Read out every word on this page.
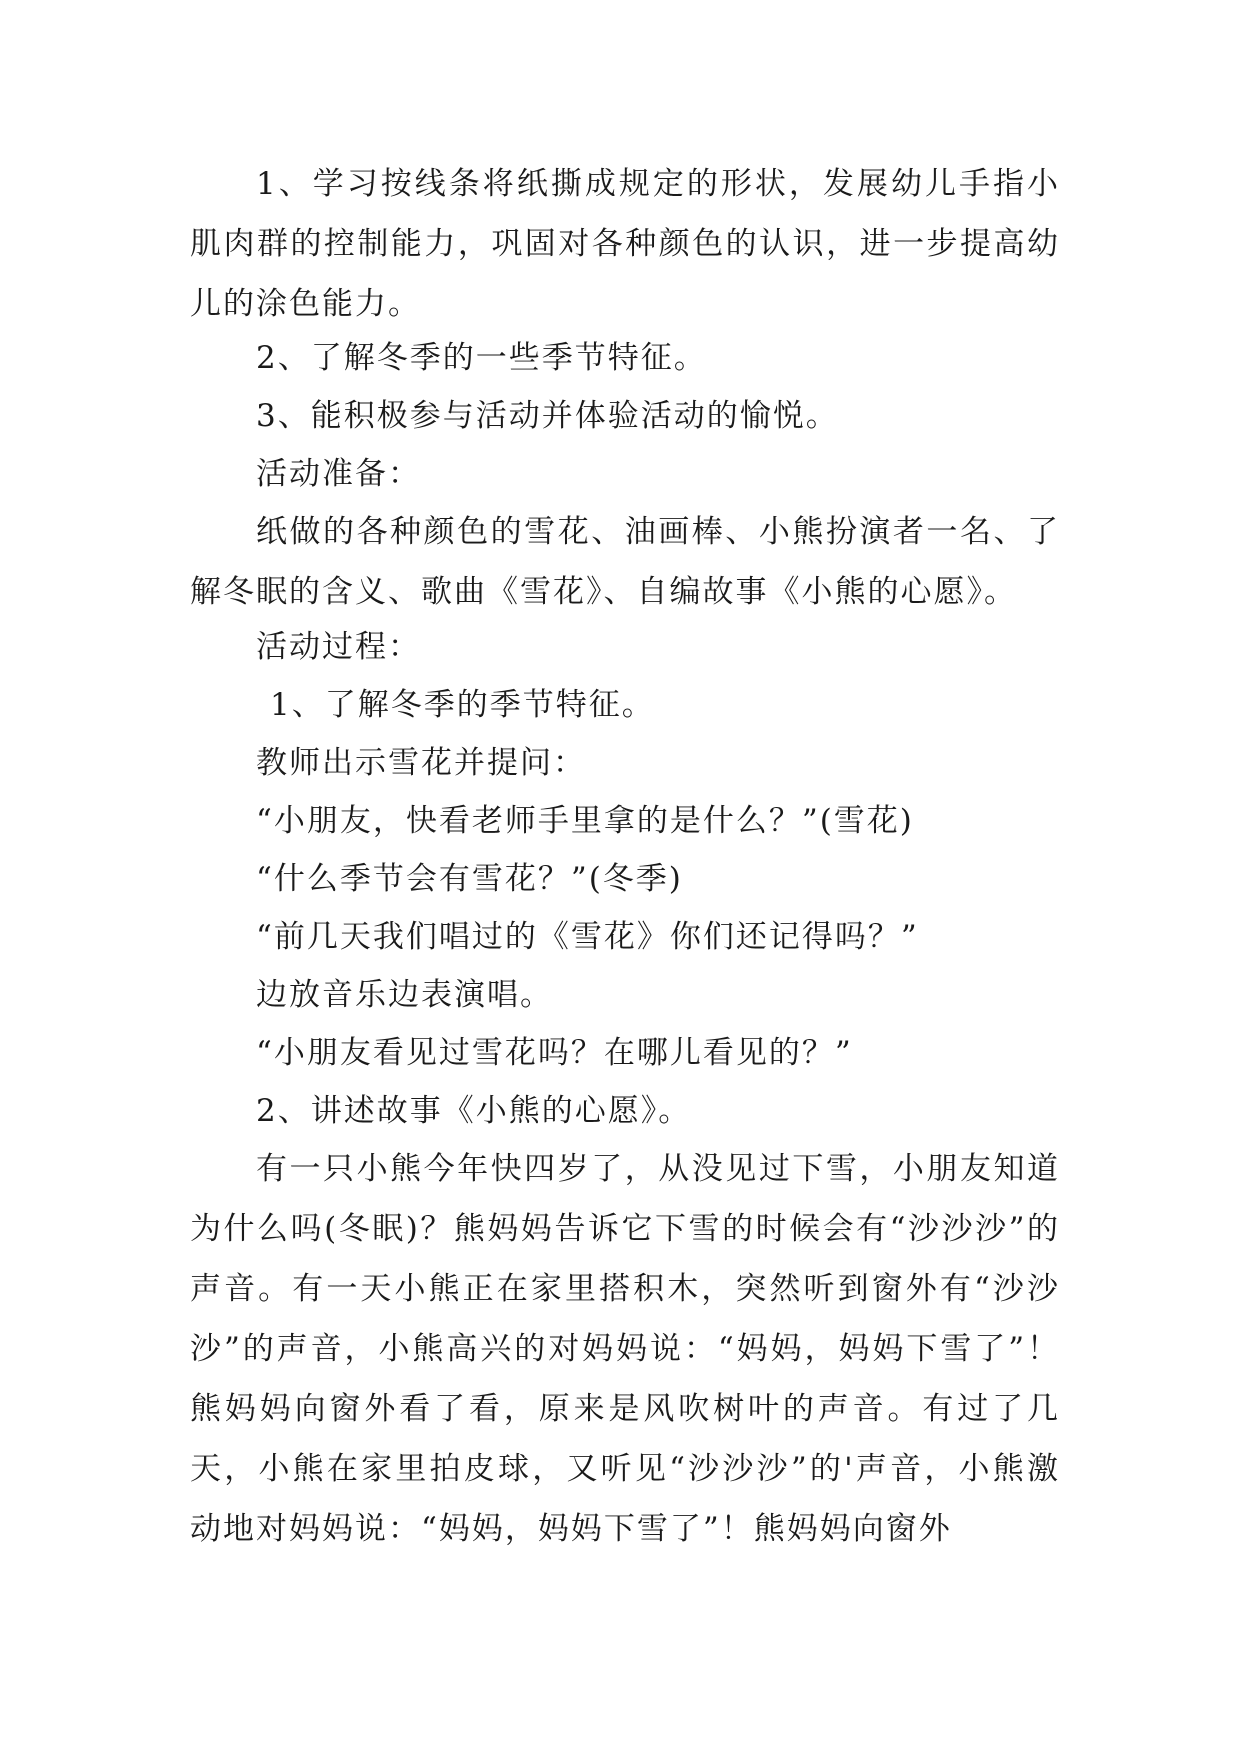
1、学习按线条将纸撕成规定的形状，发展幼儿手指小肌肉群的控制能力，巩固对各种颜色的认识，进一步提高幼儿的涂色能力。

2、了解冬季的一些季节特征。

3、能积极参与活动并体验活动的愉悦。

活动准备：

纸做的各种颜色的雪花、油画棒、小熊扮演者一名、了解冬眠的含义、歌曲《雪花》、自编故事《小熊的心愿》。

活动过程：

1、了解冬季的季节特征。

教师出示雪花并提问：

“小朋友，快看老师手里拿的是什么？”(雪花)

“什么季节会有雪花？”(冬季)

“前几天我们唱过的《雪花》你们还记得吗？”

边放音乐边表演唱。

“小朋友看见过雪花吗？在哪儿看见的？”

2、讲述故事《小熊的心愿》。

有一只小熊今年快四岁了，从没见过下雪，小朋友知道为什么吗(冬眠)？熊妈妈告诉它下雪的时候会有“沙沙沙”的声音。有一天小熊正在家里搭积木，突然听到窗外有“沙沙沙”的声音，小熊高兴的对妈妈说：“妈妈，妈妈下雪了”！熊妈妈向窗外看了看，原来是风吹树叶的声音。有过了几天，小熊在家里拍皮球，又听见“沙沙沙”的'声音，小熊激动地对妈妈说：“妈妈，妈妈下雪了”！熊妈妈向窗外
